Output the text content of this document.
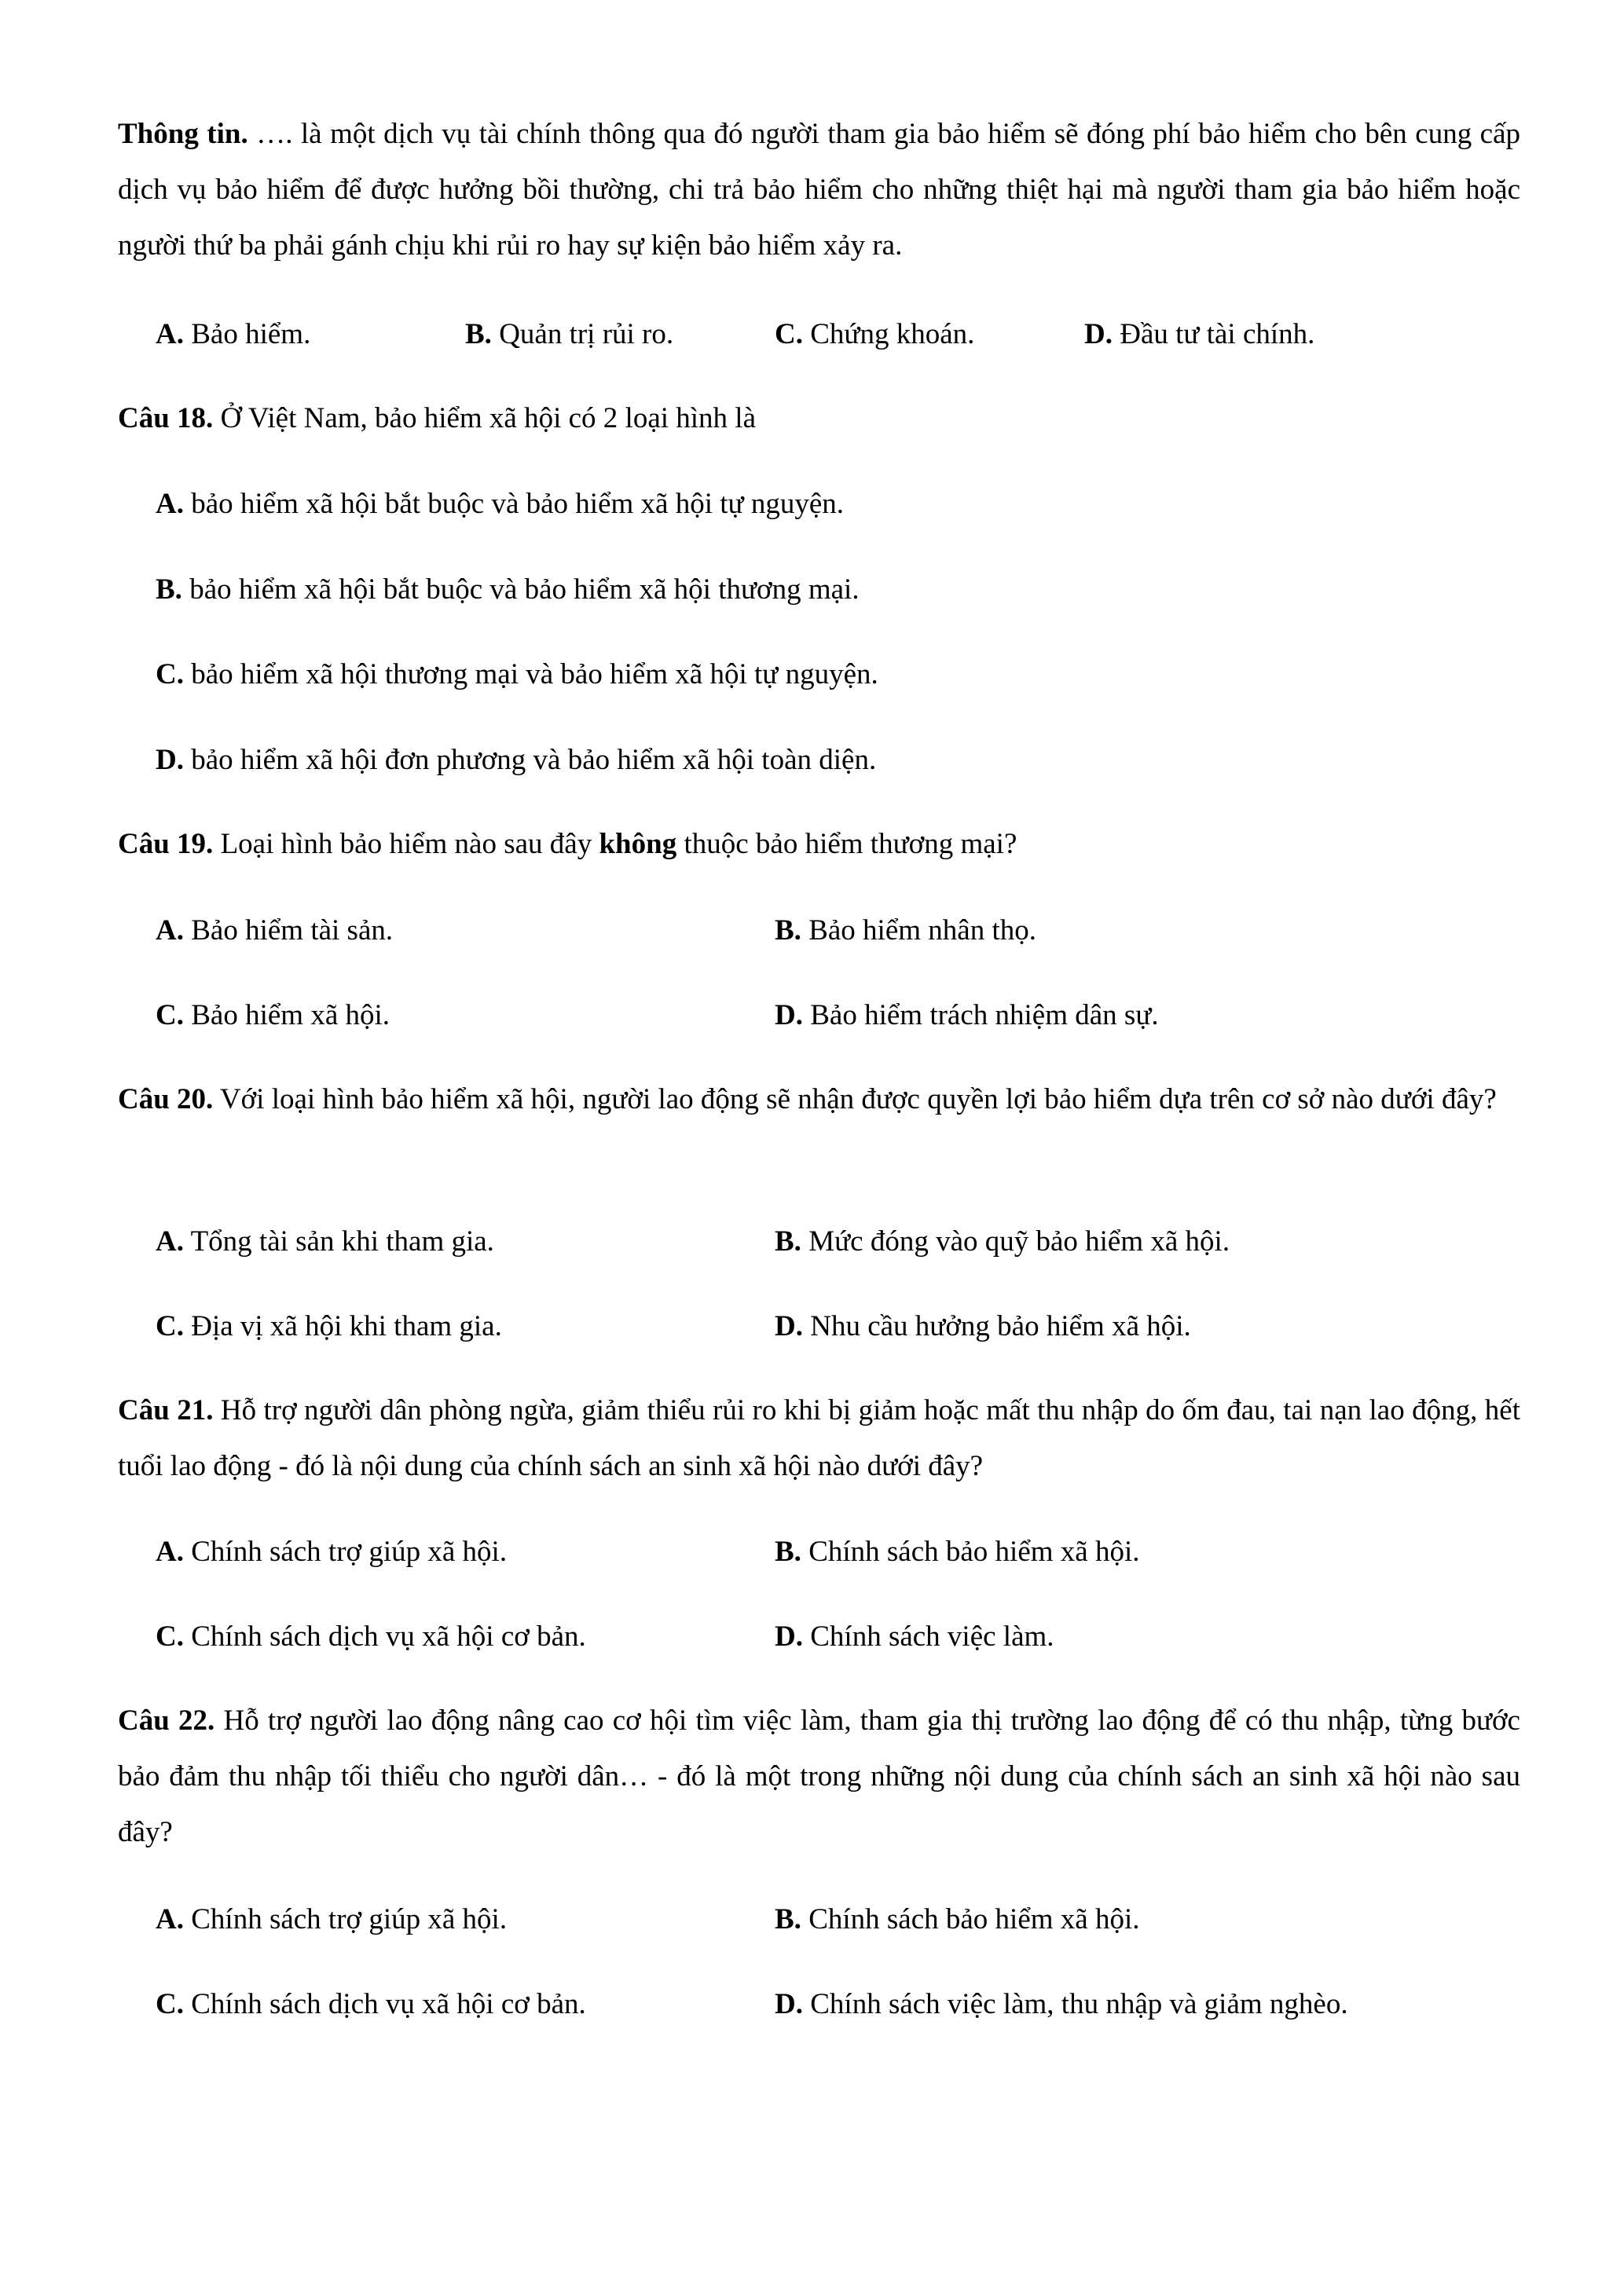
Thông tin. …. là một dịch vụ tài chính thông qua đó người tham gia bảo hiểm sẽ đóng phí bảo hiểm cho bên cung cấp dịch vụ bảo hiểm để được hưởng bồi thường, chi trả bảo hiểm cho những thiệt hại mà người tham gia bảo hiểm hoặc người thứ ba phải gánh chịu khi rủi ro hay sự kiện bảo hiểm xảy ra.

A. Bảo hiểm.	B. Quản trị rủi ro.	C. Chứng khoán.	D. Đầu tư tài chính.

Câu 18. Ở Việt Nam, bảo hiểm xã hội có 2 loại hình là

A. bảo hiểm xã hội bắt buộc và bảo hiểm xã hội tự nguyện.
B. bảo hiểm xã hội bắt buộc và bảo hiểm xã hội thương mại.
C. bảo hiểm xã hội thương mại và bảo hiểm xã hội tự nguyện.
D. bảo hiểm xã hội đơn phương và bảo hiểm xã hội toàn diện.

Câu 19. Loại hình bảo hiểm nào sau đây không thuộc bảo hiểm thương mại?

A. Bảo hiểm tài sản.	B. Bảo hiểm nhân thọ.
C. Bảo hiểm xã hội.	D. Bảo hiểm trách nhiệm dân sự.

Câu 20. Với loại hình bảo hiểm xã hội, người lao động sẽ nhận được quyền lợi bảo hiểm dựa trên cơ sở nào dưới đây?

A. Tổng tài sản khi tham gia.	B. Mức đóng vào quỹ bảo hiểm xã hội.
C. Địa vị xã hội khi tham gia.	D. Nhu cầu hưởng bảo hiểm xã hội.

Câu 21. Hỗ trợ người dân phòng ngừa, giảm thiểu rủi ro khi bị giảm hoặc mất thu nhập do ốm đau, tai nạn lao động, hết tuổi lao động - đó là nội dung của chính sách an sinh xã hội nào dưới đây?

A. Chính sách trợ giúp xã hội.	B. Chính sách bảo hiểm xã hội.
C. Chính sách dịch vụ xã hội cơ bản.	D. Chính sách việc làm.

Câu 22. Hỗ trợ người lao động nâng cao cơ hội tìm việc làm, tham gia thị trường lao động để có thu nhập, từng bước bảo đảm thu nhập tối thiểu cho người dân… - đó là một trong những nội dung của chính sách an sinh xã hội nào sau đây?

A. Chính sách trợ giúp xã hội.	B. Chính sách bảo hiểm xã hội.
C. Chính sách dịch vụ xã hội cơ bản.	D. Chính sách việc làm, thu nhập và giảm nghèo.
